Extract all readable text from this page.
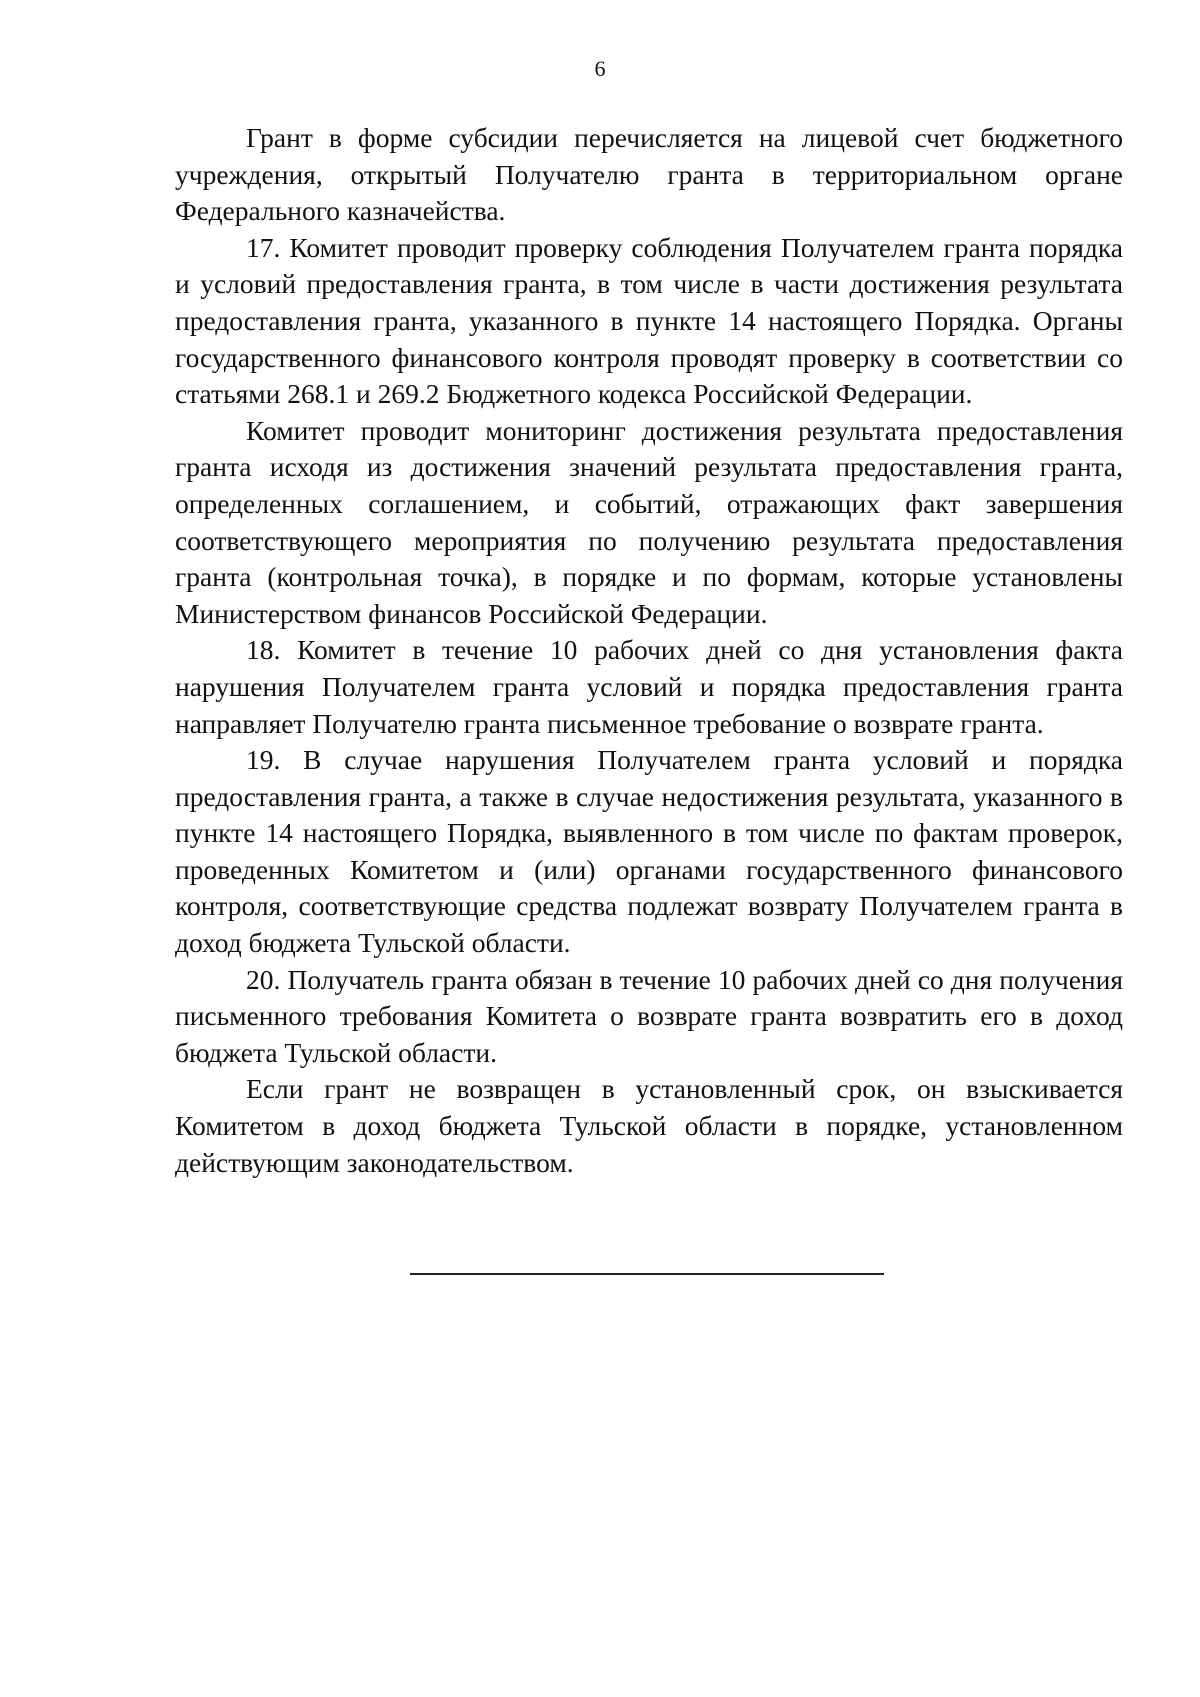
6

Грант в форме субсидии перечисляется на лицевой счет бюджетного учреждения, открытый Получателю гранта в территориальном органе Федерального казначейства.

17. Комитет проводит проверку соблюдения Получателем гранта порядка и условий предоставления гранта, в том числе в части достижения результата предоставления гранта, указанного в пункте 14 настоящего Порядка. Органы государственного финансового контроля проводят проверку в соответствии со статьями 268.1 и 269.2 Бюджетного кодекса Российской Федерации.

Комитет проводит мониторинг достижения результата предоставления гранта исходя из достижения значений результата предоставления гранта, определенных соглашением, и событий, отражающих факт завершения соответствующего мероприятия по получению результата предоставления гранта (контрольная точка), в порядке и по формам, которые установлены Министерством финансов Российской Федерации.

18. Комитет в течение 10 рабочих дней со дня установления факта нарушения Получателем гранта условий и порядка предоставления гранта направляет Получателю гранта письменное требование о возврате гранта.

19. В случае нарушения Получателем гранта условий и порядка предоставления гранта, а также в случае недостижения результата, указанного в пункте 14 настоящего Порядка, выявленного в том числе по фактам проверок, проведенных Комитетом и (или) органами государственного финансового контроля, соответствующие средства подлежат возврату Получателем гранта в доход бюджета Тульской области.

20. Получатель гранта обязан в течение 10 рабочих дней со дня получения письменного требования Комитета о возврате гранта возвратить его в доход бюджета Тульской области.

Если грант не возвращен в установленный срок, он взыскивается Комитетом в доход бюджета Тульской области в порядке, установленном действующим законодательством.
